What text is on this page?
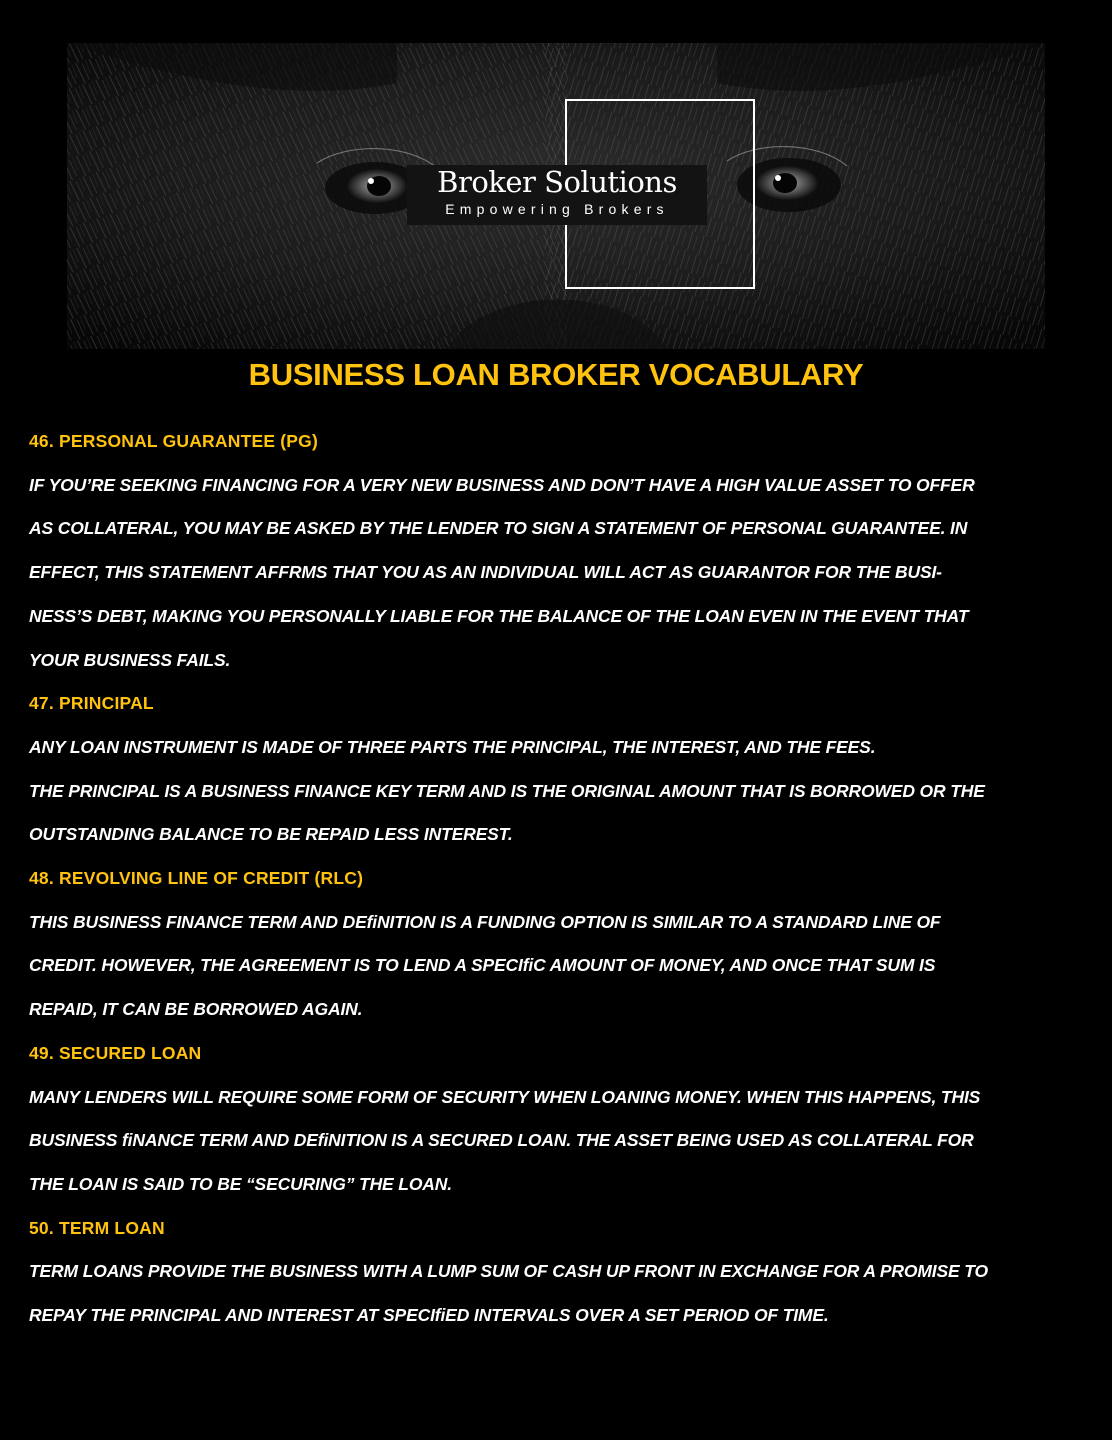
Broker Solutions
Empowering Brokers
BUSINESS LOAN BROKER VOCABULARY

46. PERSONAL GUARANTEE (PG)

IF YOU’RE SEEKING FINANCING FOR A VERY NEW BUSINESS AND DON’T HAVE A HIGH VALUE ASSET TO OFFER
AS COLLATERAL, YOU MAY BE ASKED BY THE LENDER TO SIGN A STATEMENT OF PERSONAL GUARANTEE. IN
EFFECT, THIS STATEMENT AFFRMS THAT YOU AS AN INDIVIDUAL WILL ACT AS GUARANTOR FOR THE BUSI-
NESS’S DEBT, MAKING YOU PERSONALLY LIABLE FOR THE BALANCE OF THE LOAN EVEN IN THE EVENT THAT
YOUR BUSINESS FAILS.

47. PRINCIPAL

ANY LOAN INSTRUMENT IS MADE OF THREE PARTS THE PRINCIPAL, THE INTEREST, AND THE FEES.
THE PRINCIPAL IS A BUSINESS FINANCE KEY TERM AND IS THE ORIGINAL AMOUNT THAT IS BORROWED OR THE
OUTSTANDING BALANCE TO BE REPAID LESS INTEREST.

48. REVOLVING LINE OF CREDIT (RLC)

THIS BUSINESS FINANCE TERM AND DEfiNITION IS A FUNDING OPTION IS SIMILAR TO A STANDARD LINE OF
CREDIT. HOWEVER, THE AGREEMENT IS TO LEND A SPECIfiC AMOUNT OF MONEY, AND ONCE THAT SUM IS
REPAID, IT CAN BE BORROWED AGAIN.

49. SECURED LOAN

MANY LENDERS WILL REQUIRE SOME FORM OF SECURITY WHEN LOANING MONEY. WHEN THIS HAPPENS, THIS
BUSINESS fiNANCE TERM AND DEfiNITION IS A SECURED LOAN. THE ASSET BEING USED AS COLLATERAL FOR
THE LOAN IS SAID TO BE “SECURING” THE LOAN.

50. TERM LOAN

TERM LOANS PROVIDE THE BUSINESS WITH A LUMP SUM OF CASH UP FRONT IN EXCHANGE FOR A PROMISE TO
REPAY THE PRINCIPAL AND INTEREST AT SPECIfiED INTERVALS OVER A SET PERIOD OF TIME.
